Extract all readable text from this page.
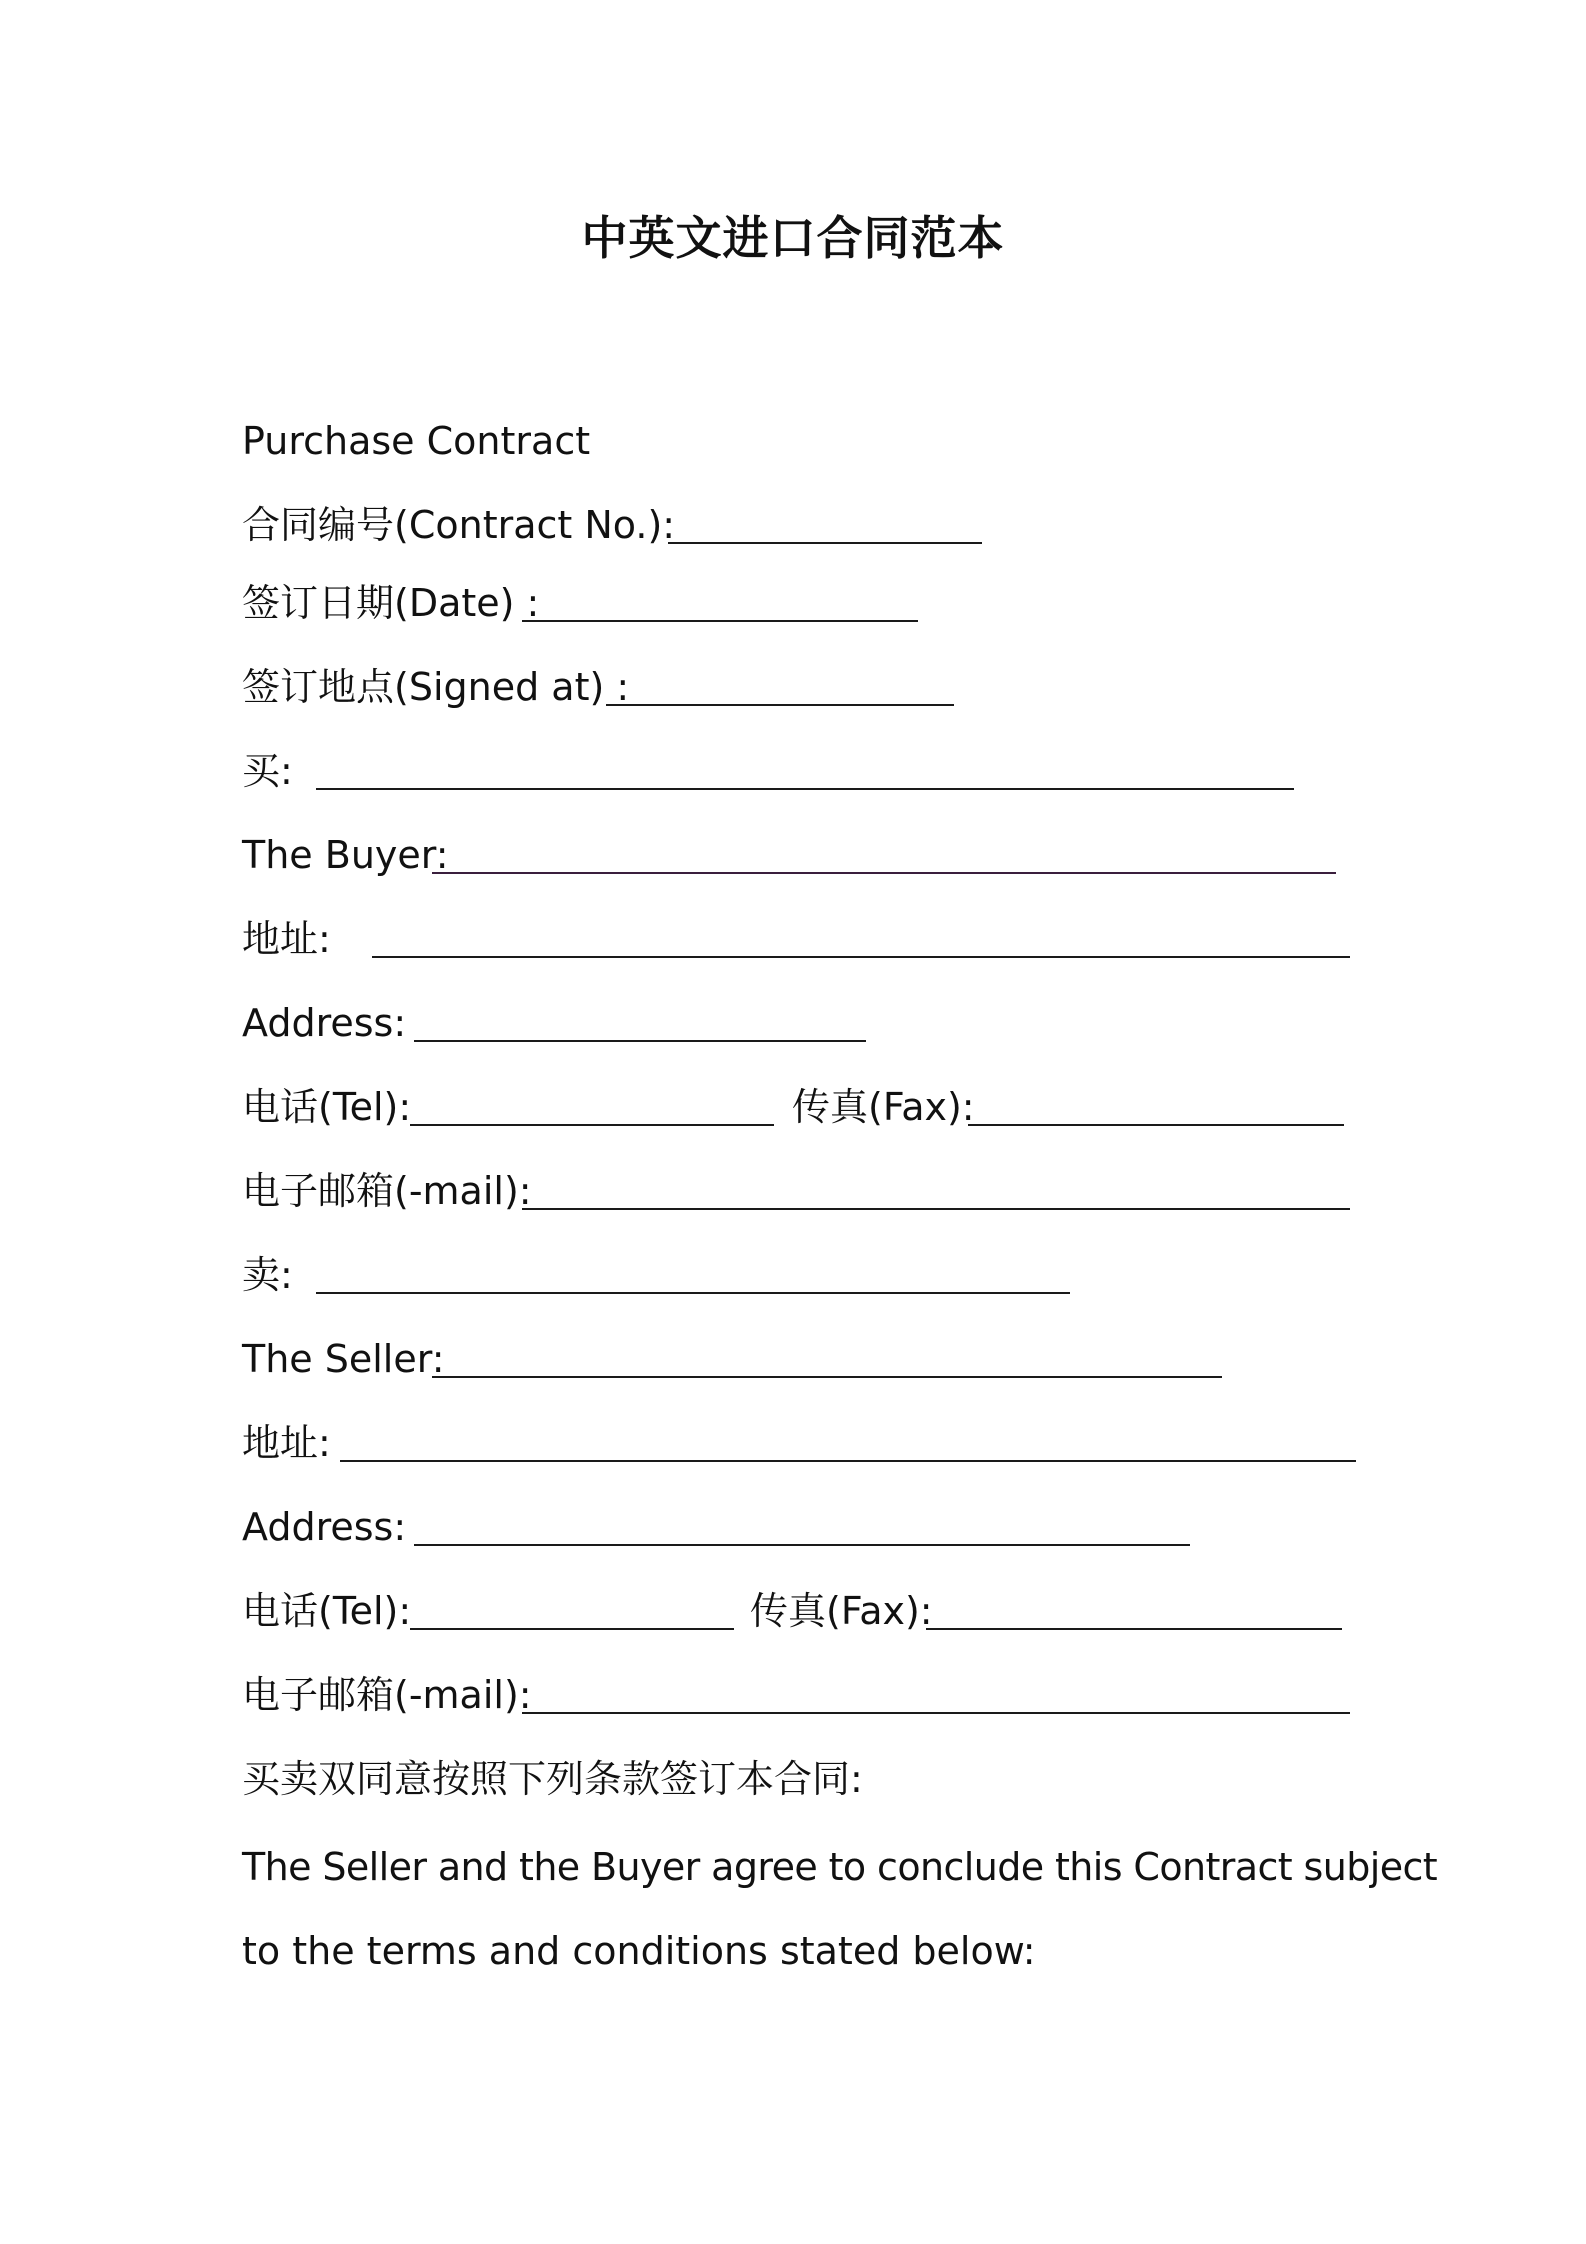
中英文进口合同范本
Purchase Contract
合同编号(Contract No.):
签订日期(Date) :
签订地点(Signed at) :
买:
The Buyer:
地址:
Address:
电话(Tel):	传真(Fax):
电子邮箱(-mail):
卖:
The Seller:
地址:
Address:
电话(Tel):	传真(Fax):
电子邮箱(-mail):
买卖双同意按照下列条款签订本合同:
The Seller and the Buyer agree to conclude this Contract subject
to the terms and conditions stated below:
